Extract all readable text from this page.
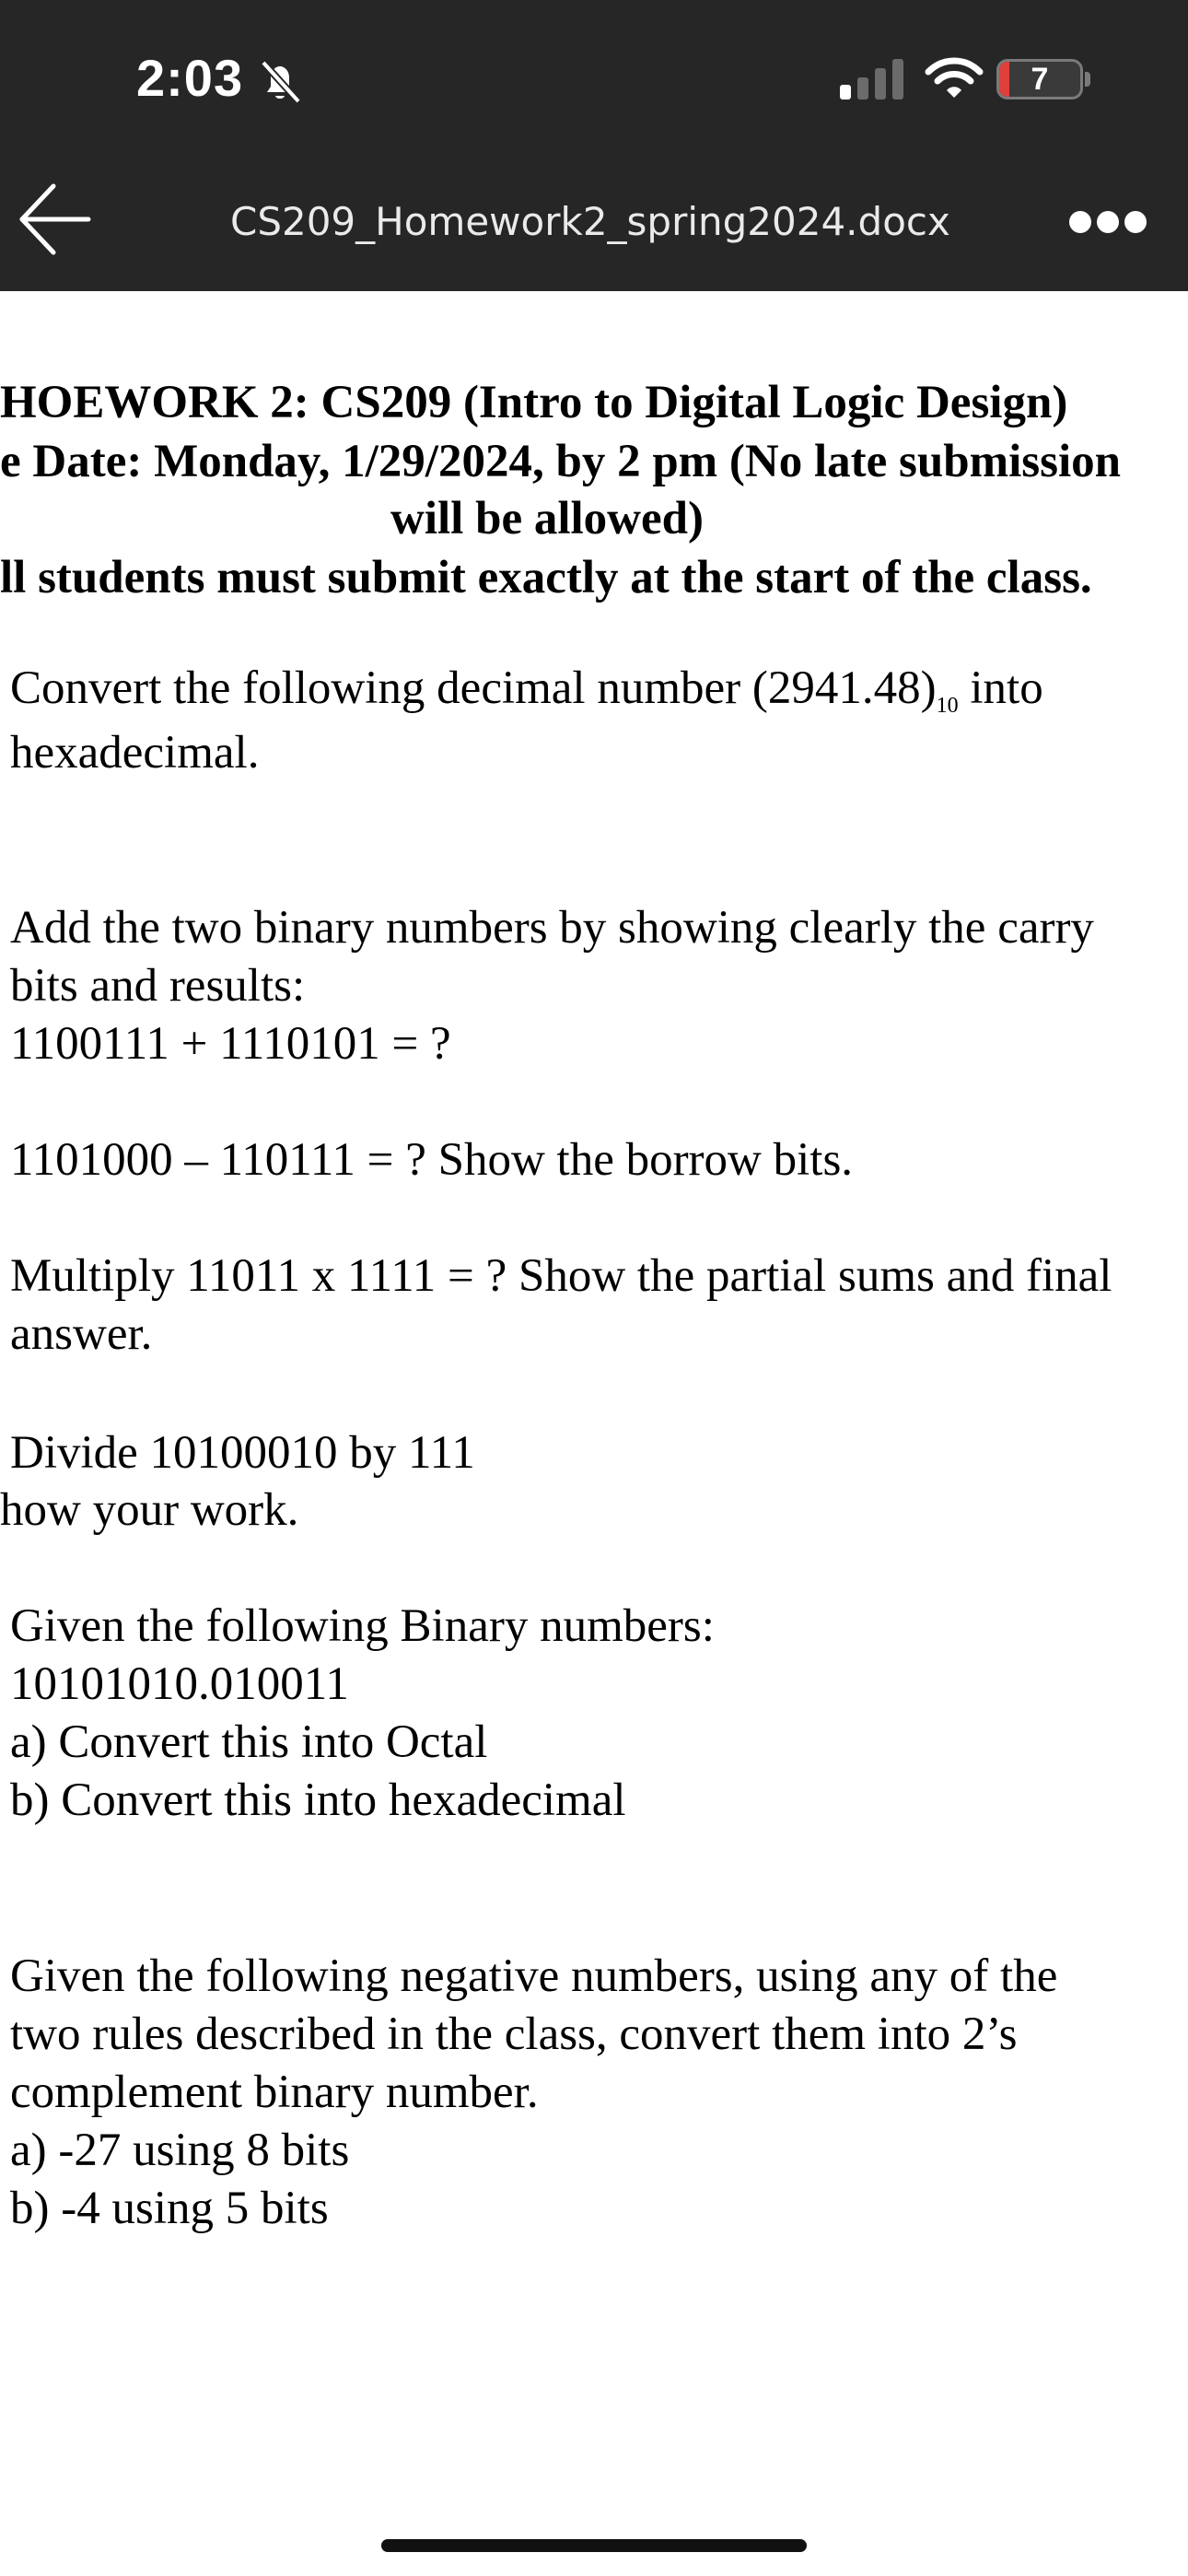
2:03	7
CS209_Homework2_spring2024.docx
HOEWORK 2: CS209 (Intro to Digital Logic Design)
e Date: Monday, 1/29/2024, by 2 pm (No late submission
will be allowed)
ll students must submit exactly at the start of the class.
Convert the following decimal number $(2941.48)_{10}$ into
hexadecimal.
Add the two binary numbers by showing clearly the carry
bits and results:
1100111 + 1110101 = ?
1101000 – 110111 = ? Show the borrow bits.
Multiply 11011 x 1111 = ? Show the partial sums and final
answer.
Divide 10100010 by 111
how your work.
Given the following Binary numbers:
10101010.010011
a) Convert this into Octal
b) Convert this into hexadecimal
Given the following negative numbers, using any of the
two rules described in the class, convert them into 2’s
complement binary number.
a) -27 using 8 bits
b) -4 using 5 bits
